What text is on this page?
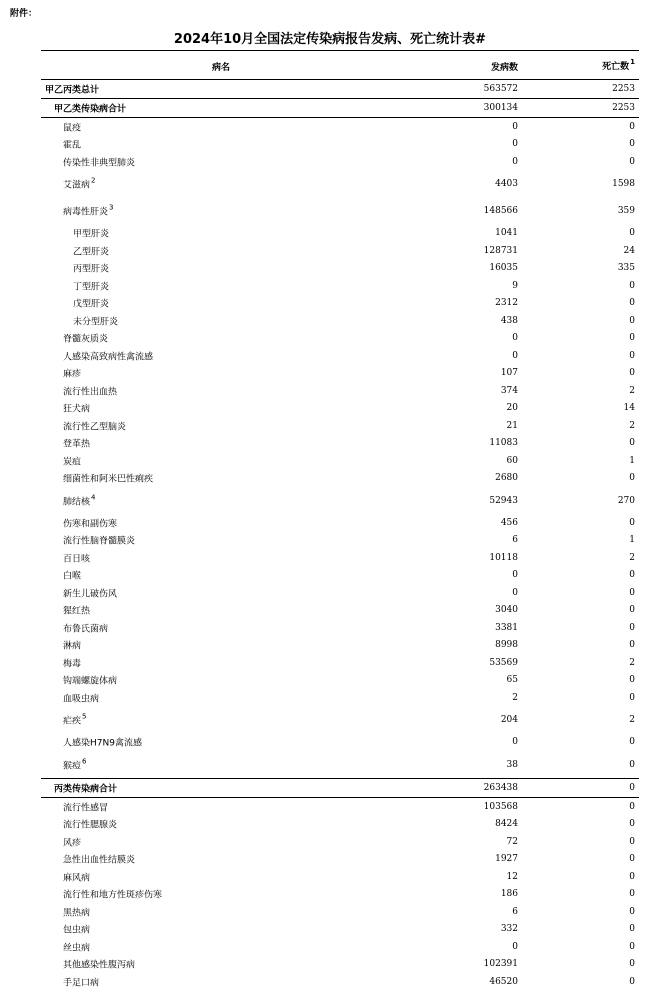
附件：
2024年10月全国法定传染病报告发病、死亡统计表#
病名	发病数	死亡数$^1$
甲乙丙类总计	563572	2253
甲乙类传染病合计	300134	2253
鼠疫	0	0
霍乱	0	0
传染性非典型肺炎	0	0
艾滋病$^2$	4403	1598
病毒性肝炎$^3$	148566	359
甲型肝炎	1041	0
乙型肝炎	128731	24
丙型肝炎	16035	335
丁型肝炎	9	0
戊型肝炎	2312	0
未分型肝炎	438	0
脊髓灰质炎	0	0
人感染高致病性禽流感	0	0
麻疹	107	0
流行性出血热	374	2
狂犬病	20	14
流行性乙型脑炎	21	2
登革热	11083	0
炭疽	60	1
细菌性和阿米巴性痢疾	2680	0
肺结核$^4$	52943	270
伤寒和副伤寒	456	0
流行性脑脊髓膜炎	6	1
百日咳	10118	2
白喉	0	0
新生儿破伤风	0	0
猩红热	3040	0
布鲁氏菌病	3381	0
淋病	8998	0
梅毒	53569	2
钩端螺旋体病	65	0
血吸虫病	2	0
疟疾$^5$	204	2
人感染H7N9禽流感	0	0
猴痘$^6$	38	0
丙类传染病合计	263438	0
流行性感冒	103568	0
流行性腮腺炎	8424	0
风疹	72	0
急性出血性结膜炎	1927	0
麻风病	12	0
流行性和地方性斑疹伤寒	186	0
黑热病	6	0
包虫病	332	0
丝虫病	0	0
其他感染性腹泻病	102391	0
手足口病	46520	0
